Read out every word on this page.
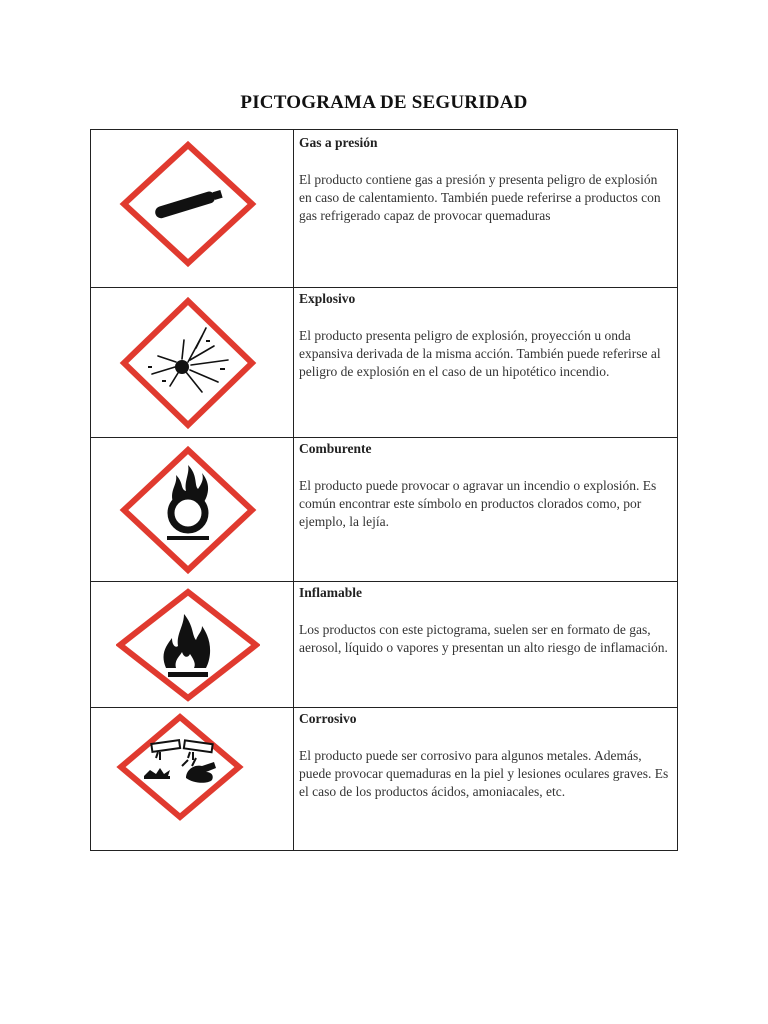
PICTOGRAMA DE SEGURIDAD

Gas a presión

El producto contiene gas a presión y presenta peligro de explosión en caso de calentamiento. También puede referirse a productos con gas refrigerado capaz de provocar quemaduras

Explosivo

El producto presenta peligro de explosión, proyección u onda expansiva derivada de la misma acción. También puede referirse al peligro de explosión en el caso de un hipotético incendio.

Comburente

El producto puede provocar o agravar un incendio o explosión. Es común encontrar este símbolo en productos clorados como, por ejemplo, la lejía.

Inflamable

Los productos con este pictograma, suelen ser en formato de gas, aerosol, líquido o vapores y presentan un alto riesgo de inflamación.

Corrosivo

El producto puede ser corrosivo para algunos metales. Además, puede provocar quemaduras en la piel y lesiones oculares graves. Es el caso de los productos ácidos, amoniacales, etc.
